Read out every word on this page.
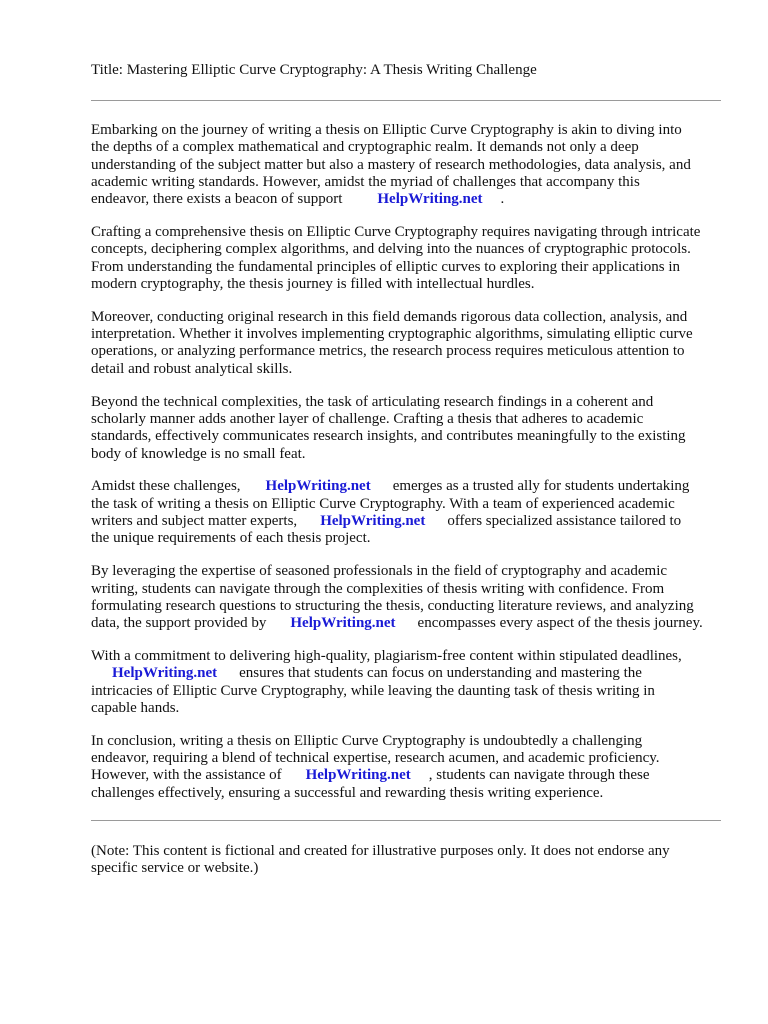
Title: Mastering Elliptic Curve Cryptography: A Thesis Writing Challenge
Embarking on the journey of writing a thesis on Elliptic Curve Cryptography is akin to diving into
the depths of a complex mathematical and cryptographic realm. It demands not only a deep
understanding of the subject matter but also a mastery of research methodologies, data analysis, and
academic writing standards. However, amidst the myriad of challenges that accompany this
endeavor, there exists a beacon of support HelpWriting.net .
Crafting a comprehensive thesis on Elliptic Curve Cryptography requires navigating through intricate
concepts, deciphering complex algorithms, and delving into the nuances of cryptographic protocols.
From understanding the fundamental principles of elliptic curves to exploring their applications in
modern cryptography, the thesis journey is filled with intellectual hurdles.
Moreover, conducting original research in this field demands rigorous data collection, analysis, and
interpretation. Whether it involves implementing cryptographic algorithms, simulating elliptic curve
operations, or analyzing performance metrics, the research process requires meticulous attention to
detail and robust analytical skills.
Beyond the technical complexities, the task of articulating research findings in a coherent and
scholarly manner adds another layer of challenge. Crafting a thesis that adheres to academic
standards, effectively communicates research insights, and contributes meaningfully to the existing
body of knowledge is no small feat.
Amidst these challenges, HelpWriting.net emerges as a trusted ally for students undertaking
the task of writing a thesis on Elliptic Curve Cryptography. With a team of experienced academic
writers and subject matter experts, HelpWriting.net offers specialized assistance tailored to
the unique requirements of each thesis project.
By leveraging the expertise of seasoned professionals in the field of cryptography and academic
writing, students can navigate through the complexities of thesis writing with confidence. From
formulating research questions to structuring the thesis, conducting literature reviews, and analyzing
data, the support provided by HelpWriting.net encompasses every aspect of the thesis journey.
With a commitment to delivering high-quality, plagiarism-free content within stipulated deadlines,
HelpWriting.net ensures that students can focus on understanding and mastering the
intricacies of Elliptic Curve Cryptography, while leaving the daunting task of thesis writing in
capable hands.
In conclusion, writing a thesis on Elliptic Curve Cryptography is undoubtedly a challenging
endeavor, requiring a blend of technical expertise, research acumen, and academic proficiency.
However, with the assistance of HelpWriting.net , students can navigate through these
challenges effectively, ensuring a successful and rewarding thesis writing experience.
(Note: This content is fictional and created for illustrative purposes only. It does not endorse any
specific service or website.)
